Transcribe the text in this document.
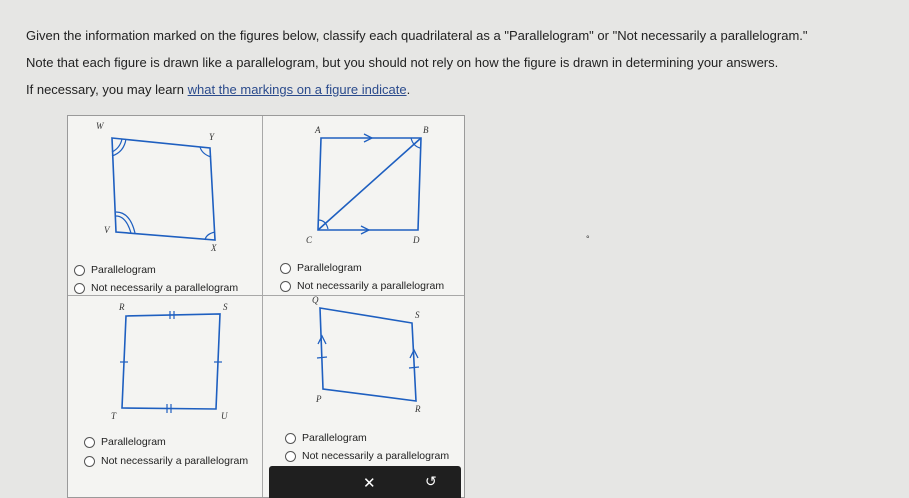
Given the information marked on the figures below, classify each quadrilateral as a "Parallelogram" or "Not necessarily a parallelogram."
Note that each figure is drawn like a parallelogram, but you should not rely on how the figure is drawn in determining your answers.
If necessary, you may learn what the markings on a figure indicate.
°
W
Y
V
X
A	B
C	D
R	S
T	U
Q
S
P
R
Parallelogram
Not necessarily a parallelogram
Parallelogram
Not necessarily a parallelogram
Parallelogram
Not necessarily a parallelogram
Parallelogram
Not necessarily a parallelogram
✕	↺
